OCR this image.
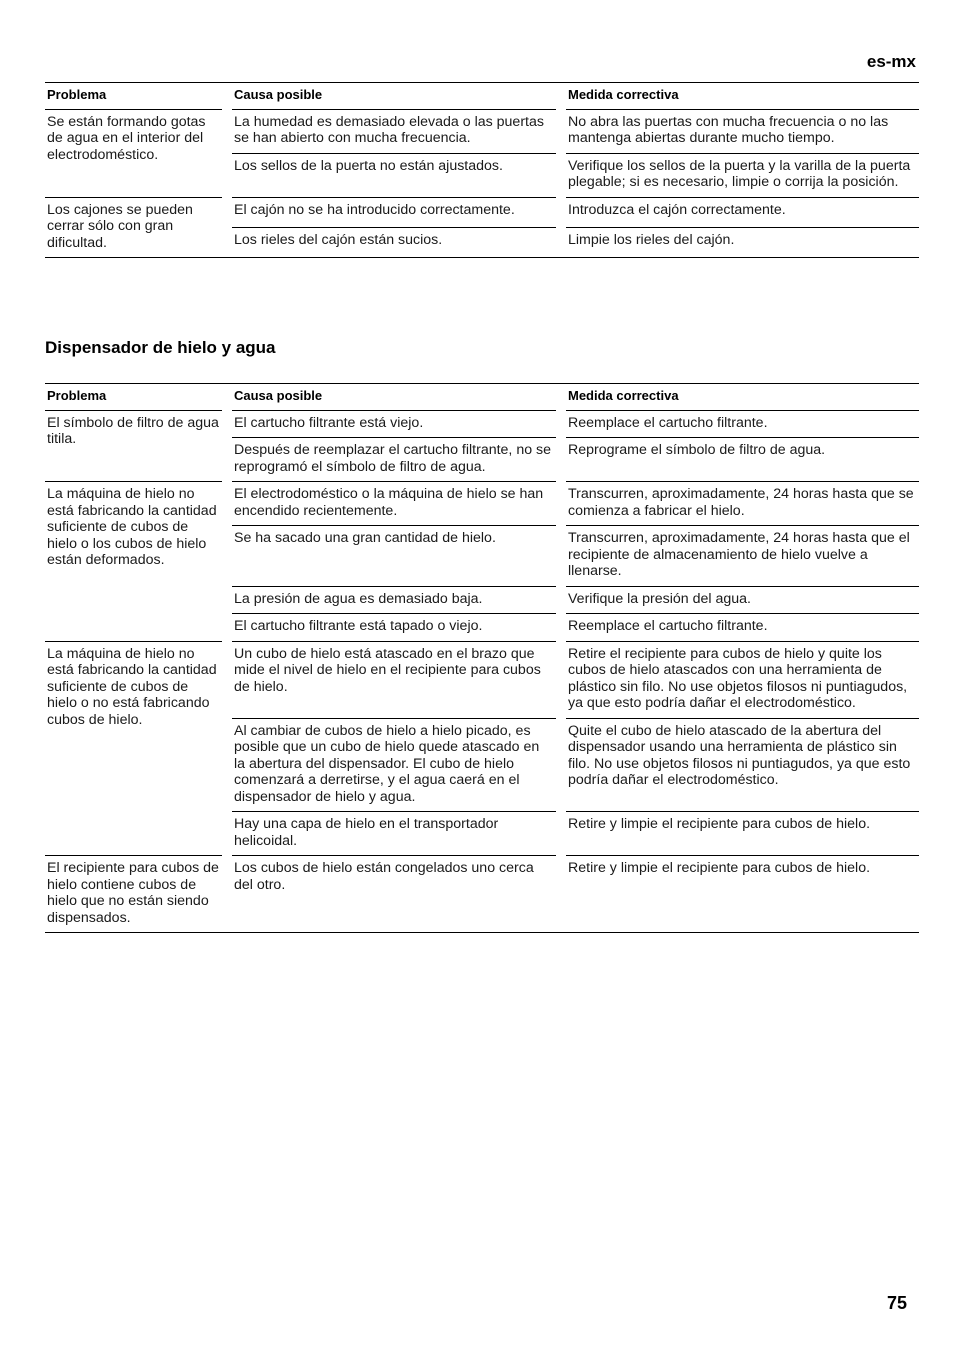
es-mx
Problema		Causa posible		Medida correctiva
Se están formando gotas de agua en el interior del electrodoméstico.		La humedad es demasiado elevada o las puertas se han abierto con mucha frecuencia.		No abra las puertas con mucha frecuencia o no las mantenga abiertas durante mucho tiempo.
		Los sellos de la puerta no están ajustados.		Verifique los sellos de la puerta y la varilla de la puerta plegable; si es necesario, limpie o corrija la posición.
Los cajones se pueden cerrar sólo con gran dificultad.		El cajón no se ha introducido correctamente.		Introduzca el cajón correctamente.
		Los rieles del cajón están sucios.		Limpie los rieles del cajón.
Dispensador de hielo y agua
Problema		Causa posible		Medida correctiva
El símbolo de filtro de agua titila.		El cartucho filtrante está viejo.		Reemplace el cartucho filtrante.
		Después de reemplazar el cartucho filtrante, no se reprogramó el símbolo de filtro de agua.		Reprograme el símbolo de filtro de agua.
La máquina de hielo no está fabricando la cantidad suficiente de cubos de hielo o los cubos de hielo están deformados.		El electrodoméstico o la máquina de hielo se han encendido recientemente.		Transcurren, aproximadamente, 24 horas hasta que se comienza a fabricar el hielo.
		Se ha sacado una gran cantidad de hielo.		Transcurren, aproximadamente, 24 horas hasta que el recipiente de almacenamiento de hielo vuelve a llenarse.
		La presión de agua es demasiado baja.		Verifique la presión del agua.
		El cartucho filtrante está tapado o viejo.		Reemplace el cartucho filtrante.
La máquina de hielo no está fabricando la cantidad suficiente de cubos de hielo o no está fabricando cubos de hielo.		Un cubo de hielo está atascado en el brazo que mide el nivel de hielo en el recipiente para cubos de hielo.		Retire el recipiente para cubos de hielo y quite los cubos de hielo atascados con una herramienta de plástico sin filo. No use objetos filosos ni puntiagudos, ya que esto podría dañar el electrodoméstico.
		Al cambiar de cubos de hielo a hielo picado, es posible que un cubo de hielo quede atascado en la abertura del dispensador. El cubo de hielo comenzará a derretirse, y el agua caerá en el dispensador de hielo y agua.		Quite el cubo de hielo atascado de la abertura del dispensador usando una herramienta de plástico sin filo. No use objetos filosos ni puntiagudos, ya que esto podría dañar el electrodoméstico.
		Hay una capa de hielo en el transportador helicoidal.		Retire y limpie el recipiente para cubos de hielo.
El recipiente para cubos de hielo contiene cubos de hielo que no están siendo dispensados.		Los cubos de hielo están congelados uno cerca del otro.		Retire y limpie el recipiente para cubos de hielo.
75
